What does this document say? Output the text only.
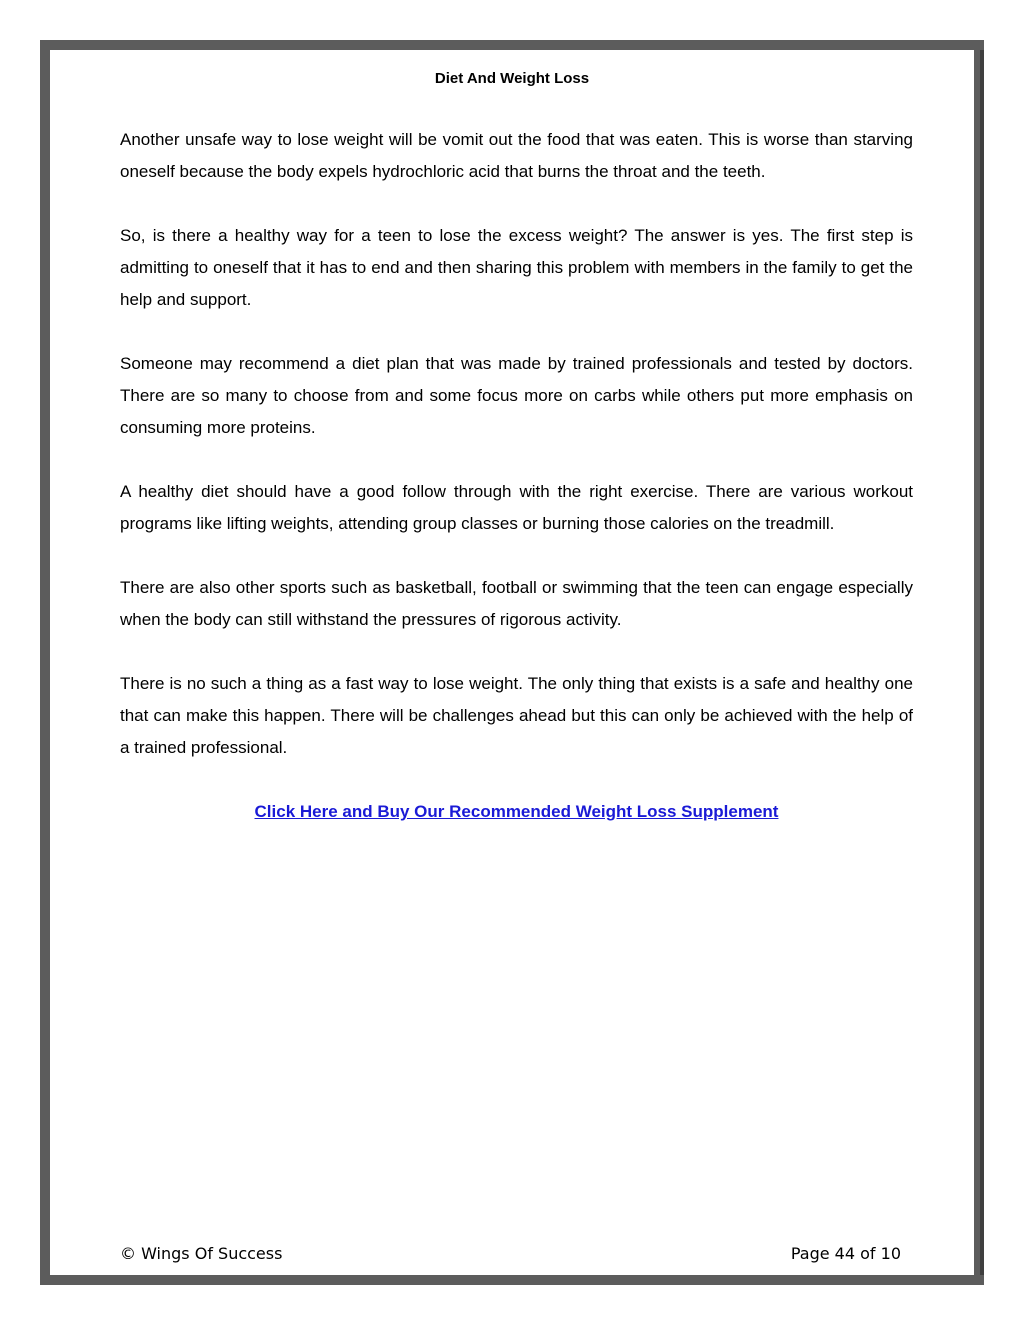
Diet And Weight Loss

Another unsafe way to lose weight will be vomit out the food that was eaten. This is worse than starving oneself because the body expels hydrochloric acid that burns the throat and the teeth.

So, is there a healthy way for a teen to lose the excess weight? The answer is yes. The first step is admitting to oneself that it has to end and then sharing this problem with members in the family to get the help and support.

Someone may recommend a diet plan that was made by trained professionals and tested by doctors. There are so many to choose from and some focus more on carbs while others put more emphasis on consuming more proteins.

A healthy diet should have a good follow through with the right exercise. There are various workout programs like lifting weights, attending group classes or burning those calories on the treadmill.

There are also other sports such as basketball, football or swimming that the teen can engage especially when the body can still withstand the pressures of rigorous activity.

There is no such a thing as a fast way to lose weight. The only thing that exists is a safe and healthy one that can make this happen. There will be challenges ahead but this can only be achieved with the help of a trained professional.

Click Here and Buy Our Recommended Weight Loss Supplement
© Wings Of Success	Page 44 of 10
